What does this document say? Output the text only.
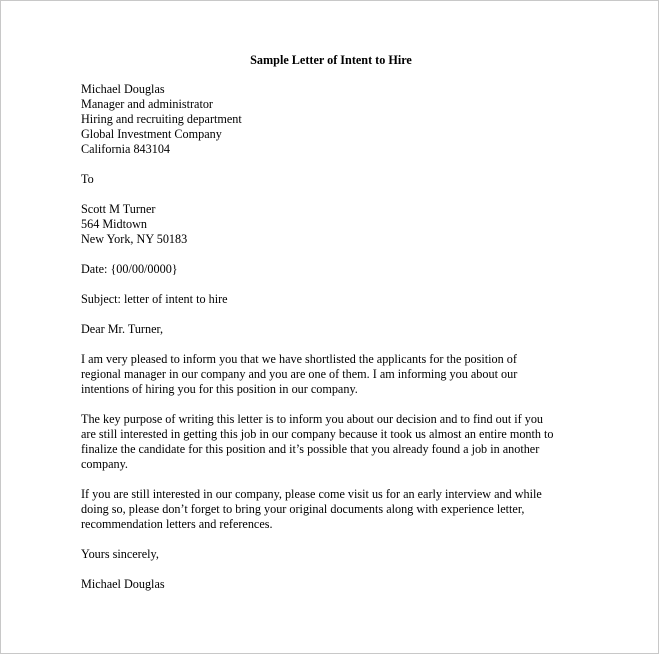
Sample Letter of Intent to Hire
Michael Douglas
Manager and administrator
Hiring and recruiting department
Global Investment Company
California 843104
To
Scott M Turner
564 Midtown
New York, NY 50183
Date: {00/00/0000}
Subject: letter of intent to hire
Dear Mr. Turner,
I am very pleased to inform you that we have shortlisted the applicants for the position of
regional manager in our company and you are one of them. I am informing you about our
intentions of hiring you for this position in our company.
The key purpose of writing this letter is to inform you about our decision and to find out if you
are still interested in getting this job in our company because it took us almost an entire month to
finalize the candidate for this position and it’s possible that you already found a job in another
company.
If you are still interested in our company, please come visit us for an early interview and while
doing so, please don’t forget to bring your original documents along with experience letter,
recommendation letters and references.
Yours sincerely,
Michael Douglas
